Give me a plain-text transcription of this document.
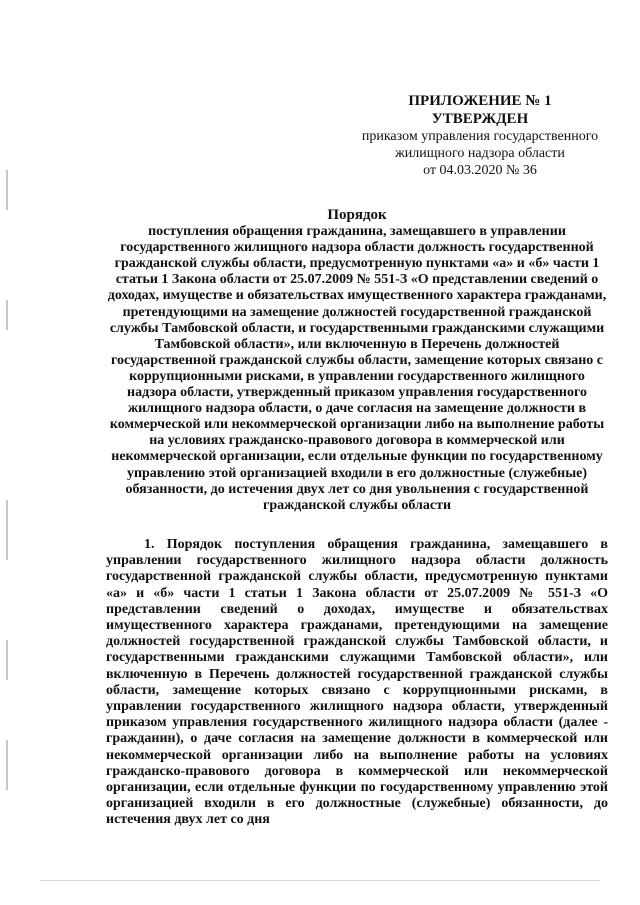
ПРИЛОЖЕНИЕ № 1
УТВЕРЖДЕН
приказом управления государственного
жилищного надзора области
от 04.03.2020 № 36
Порядок
поступления обращения гражданина, замещавшего в управлении государственного жилищного надзора области должность государственной гражданской службы области, предусмотренную пунктами «а» и «б» части 1 статьи 1 Закона области от 25.07.2009 № 551-З «О представлении сведений о доходах, имуществе и обязательствах имущественного характера гражданами, претендующими на замещение должностей государственной гражданской службы Тамбовской области, и государственными гражданскими служащими Тамбовской области», или включенную в Перечень должностей государственной гражданской службы области, замещение которых связано с коррупционными рисками, в управлении государственного жилищного надзора области, утвержденный приказом управления государственного жилищного надзора области, о даче согласия на замещение должности в коммерческой или некоммерческой организации либо на выполнение работы на условиях гражданско-правового договора в коммерческой или некоммерческой организации, если отдельные функции по государственному управлению этой организацией входили в его должностные (служебные) обязанности, до истечения двух лет со дня увольнения с государственной гражданской службы области
1. Порядок поступления обращения гражданина, замещавшего в управлении государственного жилищного надзора области должность государственной гражданской службы области, предусмотренную пунктами «а» и «б» части 1 статьи 1 Закона области от 25.07.2009 № 551-З «О представлении сведений о доходах, имуществе и обязательствах имущественного характера гражданами, претендующими на замещение должностей государственной гражданской службы Тамбовской области, и государственными гражданскими служащими Тамбовской области», или включенную в Перечень должностей государственной гражданской службы области, замещение которых связано с коррупционными рисками, в управлении государственного жилищного надзора области, утвержденный приказом управления государственного жилищного надзора области (далее - гражданин), о даче согласия на замещение должности в коммерческой или некоммерческой организации либо на выполнение работы на условиях гражданско-правового договора в коммерческой или некоммерческой организации, если отдельные функции по государственному управлению этой организацией входили в его должностные (служебные) обязанности, до истечения двух лет со дня
